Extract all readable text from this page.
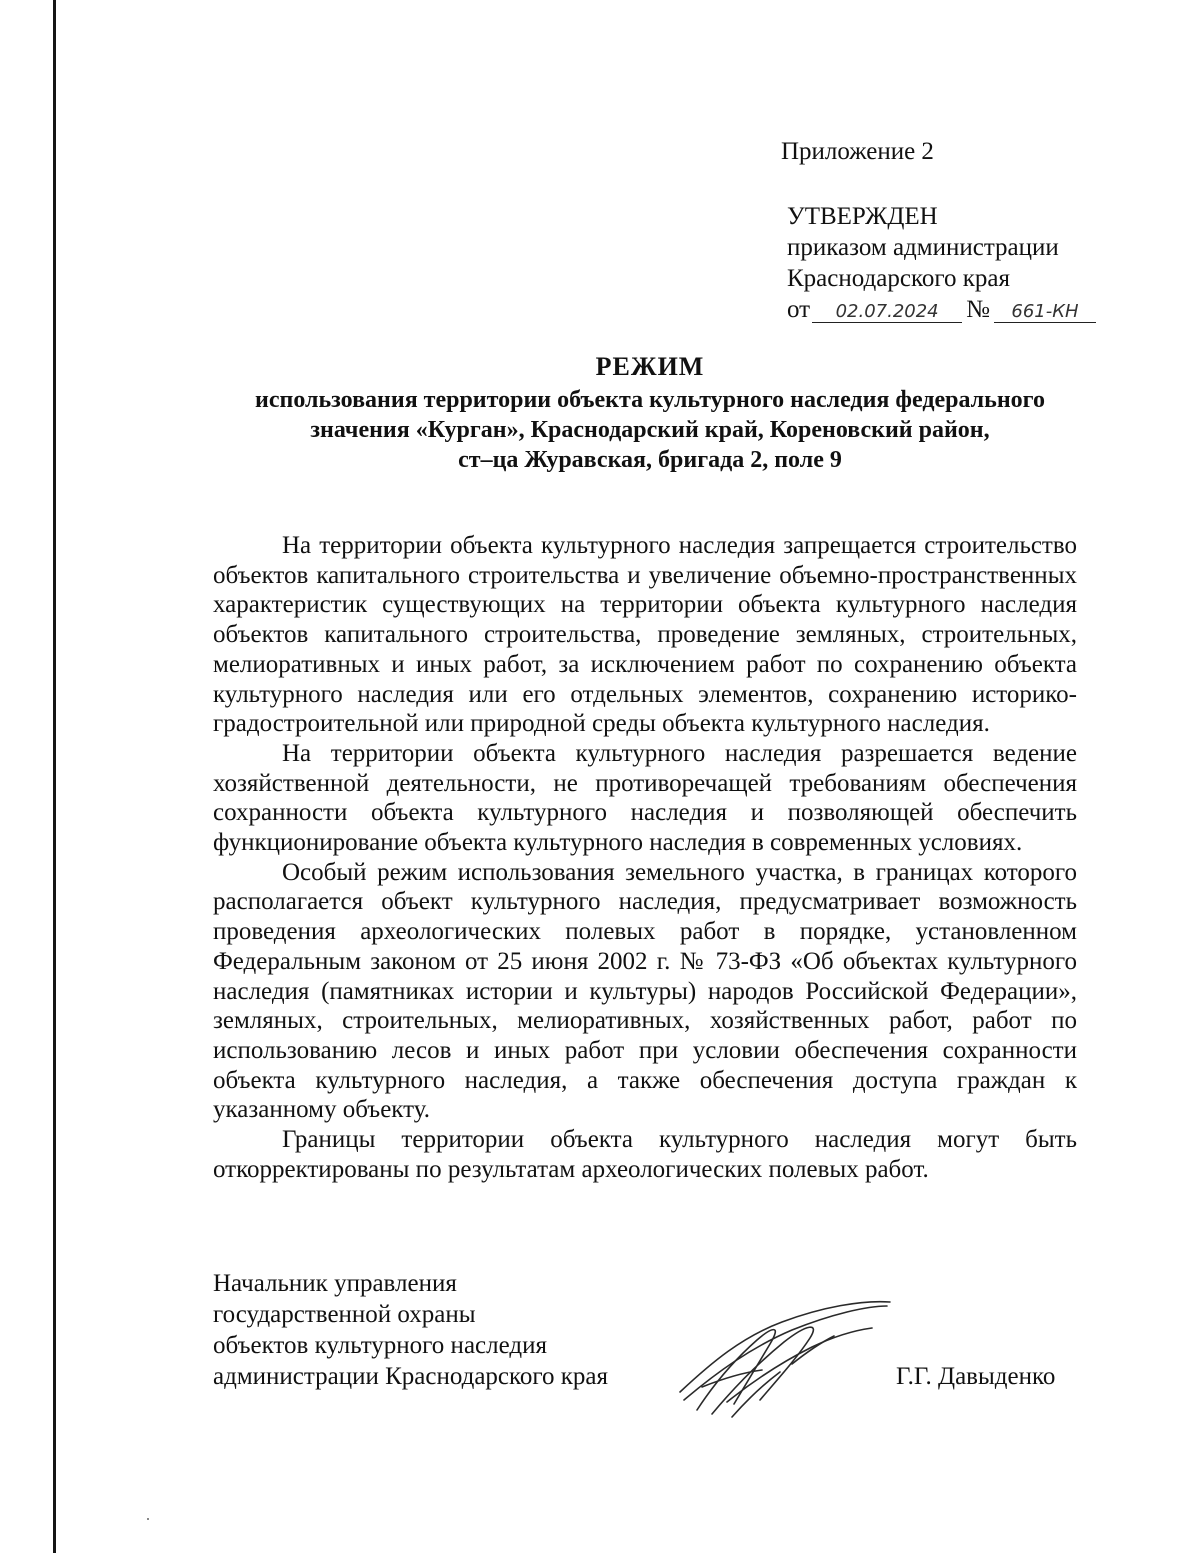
Приложение 2
УТВЕРЖДЕН
приказом администрации
Краснодарского края
от 02.07.2024 № 661-КН
РЕЖИМ
использования территории объекта культурного наследия федерального
значения «Курган», Краснодарский край, Кореновский район,
ст–ца Журавская, бригада 2, поле 9

На территории объекта культурного наследия запрещается строительство объектов капитального строительства и увеличение объемно-пространственных характеристик существующих на территории объекта культурного наследия объектов капитального строительства, проведение земляных, строительных, мелиоративных и иных работ, за исключением работ по сохранению объекта культурного наследия или его отдельных элементов, сохранению историко-градостроительной или природной среды объекта культурного наследия.

На территории объекта культурного наследия разрешается ведение хозяйственной деятельности, не противоречащей требованиям обеспечения сохранности объекта культурного наследия и позволяющей обеспечить функционирование объекта культурного наследия в современных условиях.

Особый режим использования земельного участка, в границах которого располагается объект культурного наследия, предусматривает возможность проведения археологических полевых работ в порядке, установленном Федеральным законом от 25 июня 2002 г. № 73-ФЗ «Об объектах культурного наследия (памятниках истории и культуры) народов Российской Федерации», земляных, строительных, мелиоративных, хозяйственных работ, работ по использованию лесов и иных работ при условии обеспечения сохранности объекта культурного наследия, а также обеспечения доступа граждан к указанному объекту.

Границы территории объекта культурного наследия могут быть откорректированы по результатам археологических полевых работ.

Начальник управления
государственной охраны
объектов культурного наследия
администрации Краснодарского края	Г.Г. Давыденко
